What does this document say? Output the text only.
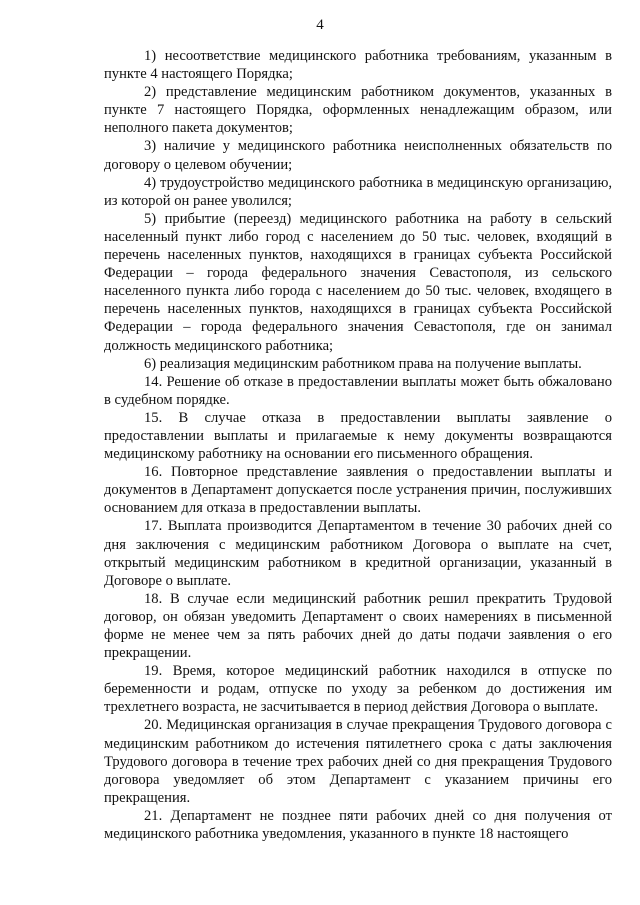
4

1) несоответствие медицинского работника требованиям, указанным в пункте 4 настоящего Порядка;

2) представление медицинским работником документов, указанных в пункте 7 настоящего Порядка, оформленных ненадлежащим образом, или неполного пакета документов;

3) наличие у медицинского работника неисполненных обязательств по договору о целевом обучении;

4) трудоустройство медицинского работника в медицинскую организацию, из которой он ранее уволился;

5) прибытие (переезд) медицинского работника на работу в сельский населенный пункт либо город с населением до 50 тыс. человек, входящий в перечень населенных пунктов, находящихся в границах субъекта Российской Федерации – города федерального значения Севастополя, из сельского населенного пункта либо города с населением до 50 тыс. человек, входящего в перечень населенных пунктов, находящихся в границах субъекта Российской Федерации – города федерального значения Севастополя, где он занимал должность медицинского работника;

6) реализация медицинским работником права на получение выплаты.

14. Решение об отказе в предоставлении выплаты может быть обжаловано в судебном порядке.

15. В случае отказа в предоставлении выплаты заявление о предоставлении выплаты и прилагаемые к нему документы возвращаются медицинскому работнику на основании его письменного обращения.

16. Повторное представление заявления о предоставлении выплаты и документов в Департамент допускается после устранения причин, послуживших основанием для отказа в предоставлении выплаты.

17. Выплата производится Департаментом в течение 30 рабочих дней со дня заключения с медицинским работником Договора о выплате на счет, открытый медицинским работником в кредитной организации, указанный в Договоре о выплате.

18. В случае если медицинский работник решил прекратить Трудовой договор, он обязан уведомить Департамент о своих намерениях в письменной форме не менее чем за пять рабочих дней до даты подачи заявления о его прекращении.

19. Время, которое медицинский работник находился в отпуске по беременности и родам, отпуске по уходу за ребенком до достижения им трехлетнего возраста, не засчитывается в период действия Договора о выплате.

20. Медицинская организация в случае прекращения Трудового договора с медицинским работником до истечения пятилетнего срока с даты заключения Трудового договора в течение трех рабочих дней со дня прекращения Трудового договора уведомляет об этом Департамент с указанием причины его прекращения.

21. Департамент не позднее пяти рабочих дней со дня получения от медицинского работника уведомления, указанного в пункте 18 настоящего
